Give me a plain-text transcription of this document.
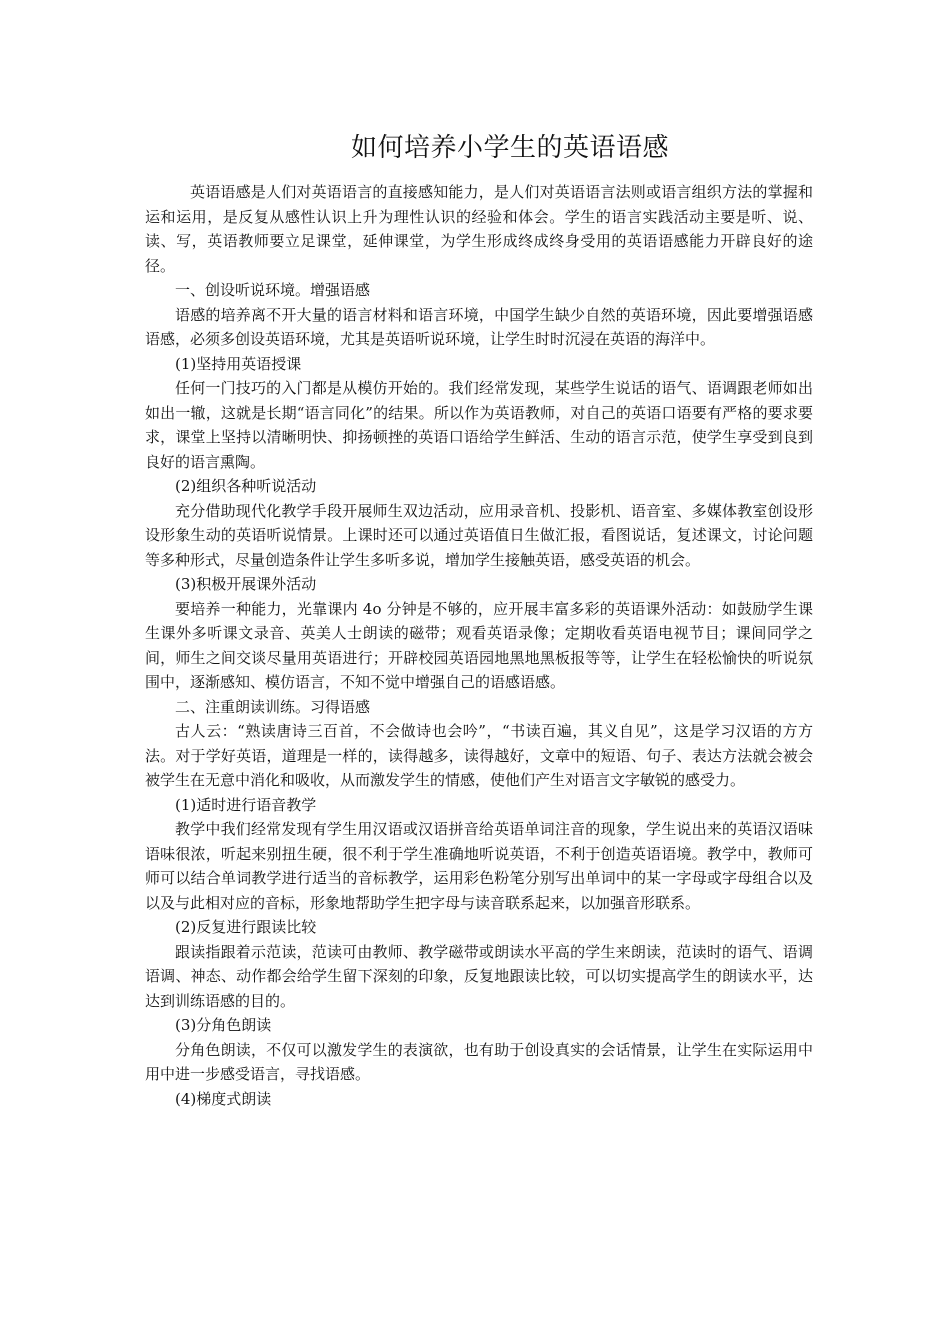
如何培养小学生的英语语感

英语语感是人们对英语语言的直接感知能力，是人们对英语语言法则或语言组织方法的掌握和运和运用，是反复从感性认识上升为理性认识的经验和体会。学生的语言实践活动主要是听、说、读、写，英语教师要立足课堂，延伸课堂，为学生形成终成终身受用的英语语感能力开辟良好的途径。

一、创设听说环境。增强语感

语感的培养离不开大量的语言材料和语言环境，中国学生缺少自然的英语环境，因此要增强语感语感，必须多创设英语环境，尤其是英语听说环境，让学生时时沉浸在英语的海洋中。

(1)坚持用英语授课

任何一门技巧的入门都是从模仿开始的。我们经常发现，某些学生说话的语气、语调跟老师如出如出一辙，这就是长期“语言同化”的结果。所以作为英语教师，对自己的英语口语要有严格的要求要求，课堂上坚持以清晰明快、抑扬顿挫的英语口语给学生鲜活、生动的语言示范，使学生享受到良到良好的语言熏陶。

(2)组织各种听说活动

充分借助现代化教学手段开展师生双边活动，应用录音机、投影机、语音室、多媒体教室创设形设形象生动的英语听说情景。上课时还可以通过英语值日生做汇报，看图说话，复述课文，讨论问题等多种形式，尽量创造条件让学生多听多说，增加学生接触英语，感受英语的机会。

(3)积极开展课外活动

要培养一种能力，光靠课内 4o 分钟是不够的，应开展丰富多彩的英语课外活动：如鼓励学生课生课外多听课文录音、英美人士朗读的磁带；观看英语录像；定期收看英语电视节目；课间同学之间，师生之间交谈尽量用英语进行；开辟校园英语园地黑地黑板报等等，让学生在轻松愉快的听说氛围中，逐渐感知、模仿语言，不知不觉中增强自己的语感语感。

二、注重朗读训练。习得语感

古人云：“熟读唐诗三百首，不会做诗也会吟”，“书读百遍，其义自见”，这是学习汉语的方方法。对于学好英语，道理是一样的，读得越多，读得越好，文章中的短语、句子、表达方法就会被会被学生在无意中消化和吸收，从而激发学生的情感，使他们产生对语言文字敏锐的感受力。

(1)适时进行语音教学

教学中我们经常发现有学生用汉语或汉语拼音给英语单词注音的现象，学生说出来的英语汉语味语味很浓，听起来别扭生硬，很不利于学生准确地听说英语，不利于创造英语语境。教学中，教师可师可以结合单词教学进行适当的音标教学，运用彩色粉笔分别写出单词中的某一字母或字母组合以及以及与此相对应的音标，形象地帮助学生把字母与读音联系起来，以加强音形联系。

(2)反复进行跟读比较

跟读指跟着示范读，范读可由教师、教学磁带或朗读水平高的学生来朗读，范读时的语气、语调语调、神态、动作都会给学生留下深刻的印象，反复地跟读比较，可以切实提高学生的朗读水平，达达到训练语感的目的。

(3)分角色朗读

分角色朗读，不仅可以激发学生的表演欲，也有助于创设真实的会话情景，让学生在实际运用中用中进一步感受语言，寻找语感。

(4)梯度式朗读
